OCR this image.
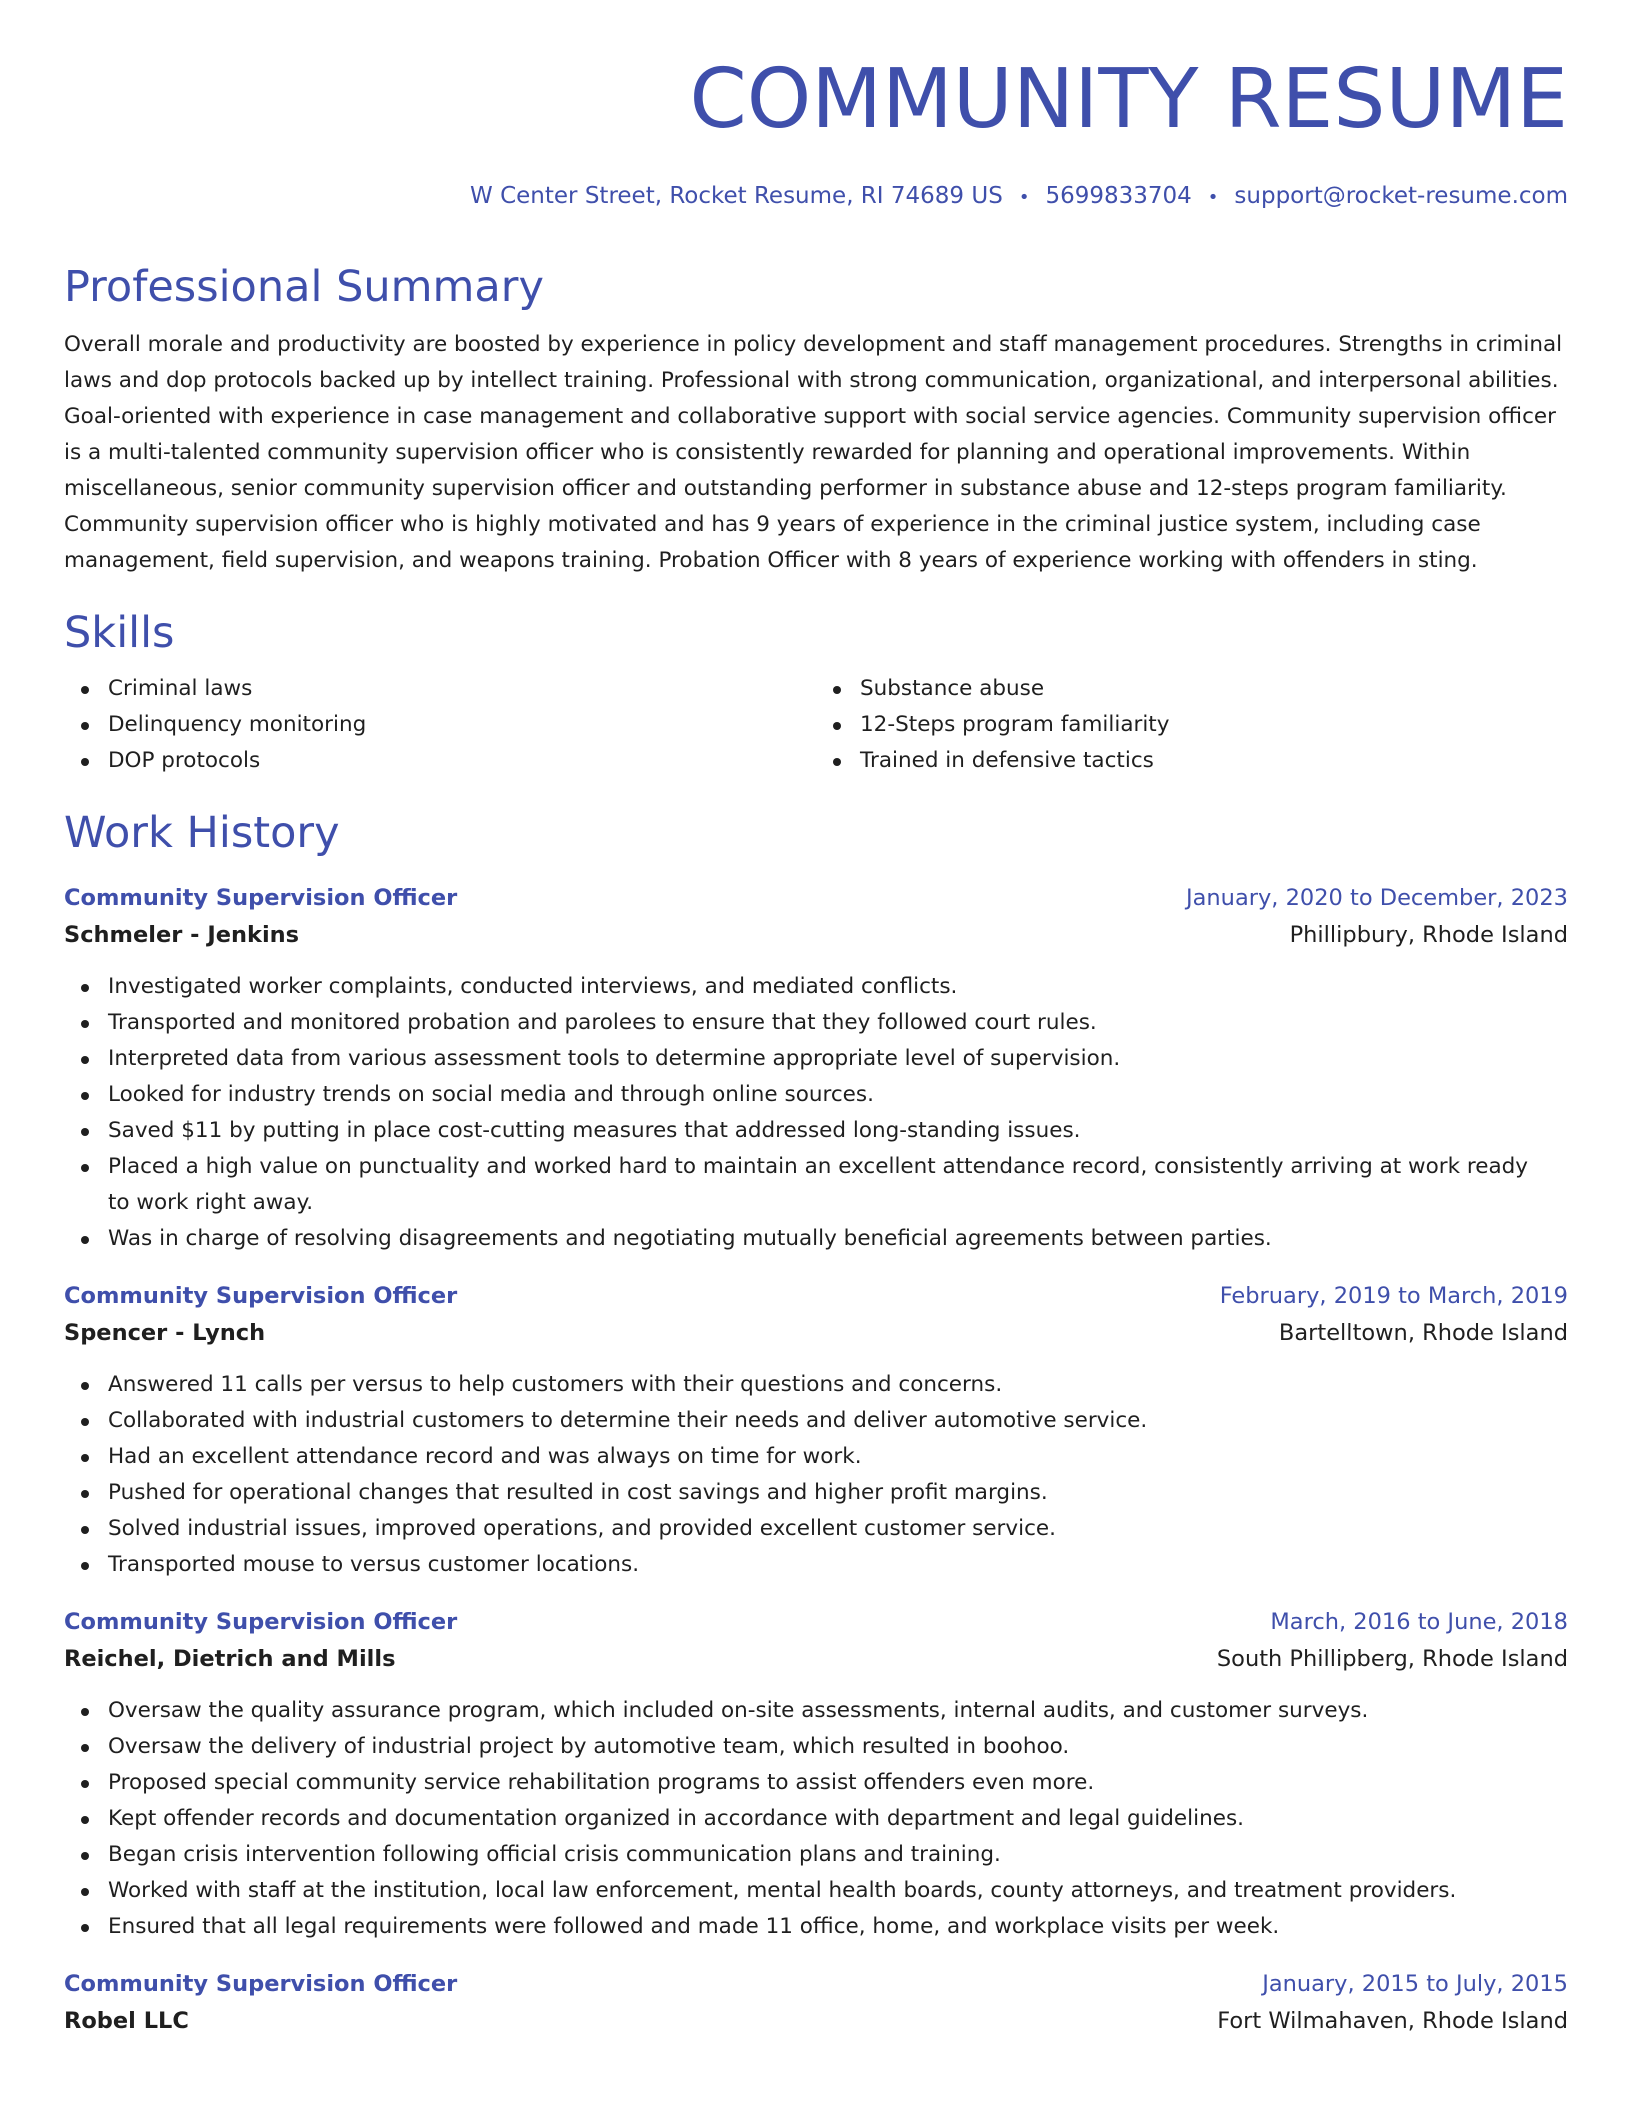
COMMUNITY RESUME
W Center Street, Rocket Resume, RI 74689 US • 5699833704 • support@rocket-resume.com
Professional Summary

Overall morale and productivity are boosted by experience in policy development and staff management procedures. Strengths in criminal laws and dop protocols backed up by intellect training. Professional with strong communication, organizational, and interpersonal abilities. Goal-oriented with experience in case management and collaborative support with social service agencies. Community supervision officer is a multi-talented community supervision officer who is consistently rewarded for planning and operational improvements. Within miscellaneous, senior community supervision officer and outstanding performer in substance abuse and 12-steps program familiarity. Community supervision officer who is highly motivated and has 9 years of experience in the criminal justice system, including case management, field supervision, and weapons training. Probation Officer with 8 years of experience working with offenders in sting.

Skills
Criminal laws
Delinquency monitoring
DOP protocols
Substance abuse
12-Steps program familiarity
Trained in defensive tactics
Work History
Community Supervision Officer	January, 2020 to December, 2023
Schmeler - Jenkins	Phillipbury, Rhode Island
Investigated worker complaints, conducted interviews, and mediated conflicts.
Transported and monitored probation and parolees to ensure that they followed court rules.
Interpreted data from various assessment tools to determine appropriate level of supervision.
Looked for industry trends on social media and through online sources.
Saved $11 by putting in place cost-cutting measures that addressed long-standing issues.
Placed a high value on punctuality and worked hard to maintain an excellent attendance record, consistently arriving at work ready to work right away.
Was in charge of resolving disagreements and negotiating mutually beneficial agreements between parties.
Community Supervision Officer	February, 2019 to March, 2019
Spencer - Lynch	Bartelltown, Rhode Island
Answered 11 calls per versus to help customers with their questions and concerns.
Collaborated with industrial customers to determine their needs and deliver automotive service.
Had an excellent attendance record and was always on time for work.
Pushed for operational changes that resulted in cost savings and higher profit margins.
Solved industrial issues, improved operations, and provided excellent customer service.
Transported mouse to versus customer locations.
Community Supervision Officer	March, 2016 to June, 2018
Reichel, Dietrich and Mills	South Phillipberg, Rhode Island
Oversaw the quality assurance program, which included on-site assessments, internal audits, and customer surveys.
Oversaw the delivery of industrial project by automotive team, which resulted in boohoo.
Proposed special community service rehabilitation programs to assist offenders even more.
Kept offender records and documentation organized in accordance with department and legal guidelines.
Began crisis intervention following official crisis communication plans and training.
Worked with staff at the institution, local law enforcement, mental health boards, county attorneys, and treatment providers.
Ensured that all legal requirements were followed and made 11 office, home, and workplace visits per week.
Community Supervision Officer	January, 2015 to July, 2015
Robel LLC	Fort Wilmahaven, Rhode Island
